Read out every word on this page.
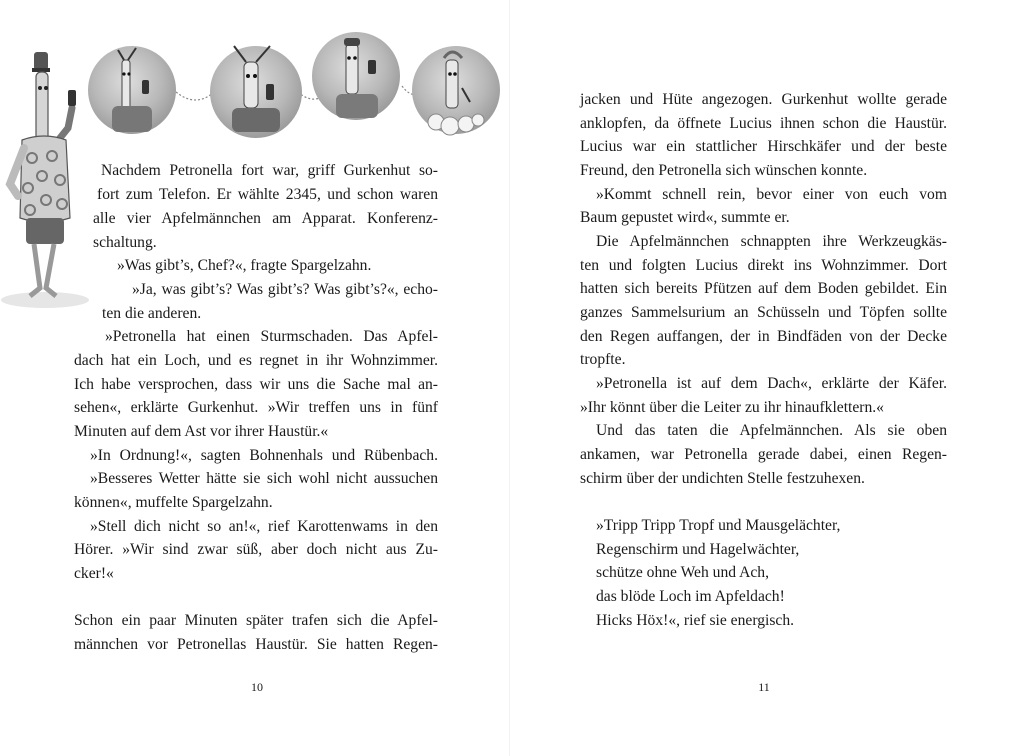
Nachdem Petronella fort war, griff Gurkenhut so-

fort zum Telefon. Er wählte 2345, und schon waren

alle vier Apfelmännchen am Apparat. Konferenz-

schaltung.

»Was gibt’s, Chef?«, fragte Spargelzahn.

»Ja, was gibt’s? Was gibt’s? Was gibt’s?«, echo-

ten die anderen.

»Petronella hat einen Sturmschaden. Das Apfel-

dach hat ein Loch, und es regnet in ihr Wohnzimmer.

Ich habe versprochen, dass wir uns die Sache mal an-

sehen«, erklärte Gurkenhut. »Wir treffen uns in fünf

Minuten auf dem Ast vor ihrer Haustür.«

»In Ordnung!«, sagten Bohnenhals und Rübenbach.

»Besseres Wetter hätte sie sich wohl nicht aussuchen

können«, muffelte Spargelzahn.

»Stell dich nicht so an!«, rief Karottenwams in den

Hörer. »Wir sind zwar süß, aber doch nicht aus Zu-

cker!«

Schon ein paar Minuten später trafen sich die Apfel-

männchen vor Petronellas Haustür. Sie hatten Regen-

10

jacken und Hüte angezogen. Gurkenhut wollte gerade

anklopfen, da öffnete Lucius ihnen schon die Haustür.

Lucius war ein stattlicher Hirschkäfer und der beste

Freund, den Petronella sich wünschen konnte.

»Kommt schnell rein, bevor einer von euch vom

Baum gepustet wird«, summte er.

Die Apfelmännchen schnappten ihre Werkzeugkäs-

ten und folgten Lucius direkt ins Wohnzimmer. Dort

hatten sich bereits Pfützen auf dem Boden gebildet. Ein

ganzes Sammelsurium an Schüsseln und Töpfen sollte

den Regen auffangen, der in Bindfäden von der Decke

tropfte.

»Petronella ist auf dem Dach«, erklärte der Käfer.

»Ihr könnt über die Leiter zu ihr hinaufklettern.«

Und das taten die Apfelmännchen. Als sie oben

ankamen, war Petronella gerade dabei, einen Regen-

schirm über der undichten Stelle festzuhexen.

»Tripp Tripp Tropf und Mausgelächter,

Regenschirm und Hagelwächter,

schütze ohne Weh und Ach,

das blöde Loch im Apfeldach!

Hicks Höx!«, rief sie energisch.

11
